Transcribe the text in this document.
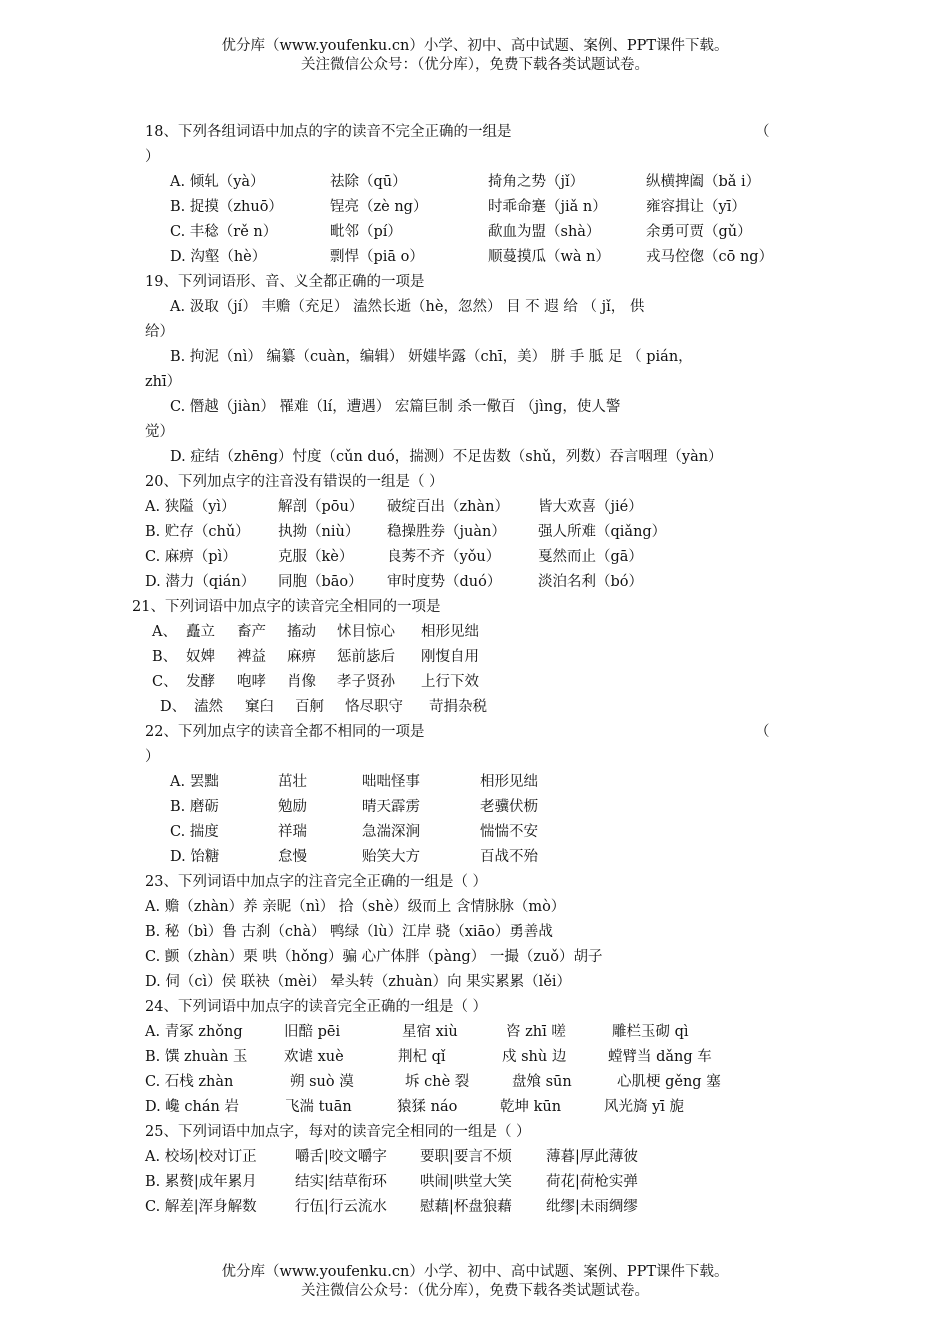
优分库（www.youfenku.cn）小学、初中、高中试题、案例、PPT课件下载。
关注微信公众号：（优分库），免费下载各类试题试卷。
18、下列各组词语中加点的字的读音不完全正确的一组是	（
）
A. 倾轧（yà）	祛除（qū）	掎角之势（jǐ）	纵横捭阖（bǎ i）
B. 捉摸（zhuō）	锃亮（zè ng）	时乖命蹇（jiǎ n）	雍容揖让（yī）
C. 丰稔（rě n）	毗邻（pí）	歃血为盟（shà）	余勇可贾（gǔ）
D. 沟壑（hè）	剽悍（piā o）	顺蔓摸瓜（wà n） 戎马倥偬（cō ng）
19、下列词语形、音、义全都正确的一项是
A. 汲取（jí） 丰赡（充足） 溘然长逝（hè，忽然） 目 不 遐 给 （ jǐ， 供
给）
B. 拘泥（nì） 编纂（cuàn，编辑） 妍媸毕露（chī，美） 胼 手 胝 足 （ pián，
zhī）
C. 僭越（jiàn） 罹难（lí，遭遇） 宏篇巨制 杀一儆百 （jìng，使人警
觉）
D. 症结（zhēng）忖度（cǔn duó，揣测）不足齿数（shǔ，列数）吞言咽理（yàn）
20、下列加点字的注音没有错误的一组是（ ）
A. 狭隘（yì）	解剖（pōu） 破绽百出（zhàn） 皆大欢喜（jié）
B. 贮存（chǔ） 执拗（niù） 稳操胜券（juàn） 强人所难（qiǎng）
C. 麻痹（pì）	克服（kè） 良莠不齐（yǒu）	戛然而止（gā）
D. 潜力（qián） 同胞（bāo） 审时度势（duó）	淡泊名利（bó）
21、下列词语中加点字的读音完全相同的一项是
A、 矗立 畜产 搐动 怵目惊心 相形见绌
B、 奴婢 裨益 麻痹 惩前毖后 刚愎自用
C、 发酵 咆哮 肖像 孝子贤孙 上行下效
D、 溘然 窠臼 百舸 恪尽职守 苛捐杂税
22、下列加点字的读音全都不相同的一项是	（
）
A. 罢黜	茁壮	咄咄怪事	相形见绌
B. 磨砺	勉励	晴天霹雳	老骥伏枥
C. 揣度	祥瑞	急湍深涧	惴惴不安
D. 饴糖	怠慢	贻笑大方	百战不殆
23、下列词语中加点字的注音完全正确的一组是（ ）
A. 赡（zhàn）养 亲昵（nì） 拾（shè）级而上 含情脉脉（mò）
B. 秘（bì）鲁 古刹（chà） 鸭绿（lù）江岸 骁（xiāo）勇善战
C. 颤（zhàn）栗 哄（hǒng）骗 心广体胖（pàng） 一撮（zuǒ）胡子
D. 伺（cì）侯 联袂（mèi） 晕头转（zhuàn）向 果实累累（lěi）
24、下列词语中加点字的读音完全正确的一组是（ ）
A. 青冢 zhǒng	旧醅 pēi	星宿 xiù	咨 zhī 嗟	雕栏玉砌 qì
B. 馔 zhuàn 玉	欢谑 xuè	荆杞 qǐ	戍 shù 边	螳臂当 dǎng 车
C. 石栈 zhàn	朔 suò 漠	坼 chè 裂	盘飧 sūn	心肌梗 gěng 塞
D. 巉 chán 岩	飞湍 tuān	猿猱 náo	乾坤 kūn	风光旖 yī 旎
25、下列词语中加点字，每对的读音完全相同的一组是（ ）
A. 校场|校对订正	嚼舌|咬文嚼字 要职|要言不烦 薄暮|厚此薄彼
B. 累赘|成年累月	结实|结草衔环 哄闹|哄堂大笑 荷花|荷枪实弹
C. 解差|浑身解数	行伍|行云流水 慰藉|杯盘狼藉 纰缪|未雨绸缪
优分库（www.youfenku.cn）小学、初中、高中试题、案例、PPT课件下载。
关注微信公众号：（优分库），免费下载各类试题试卷。
